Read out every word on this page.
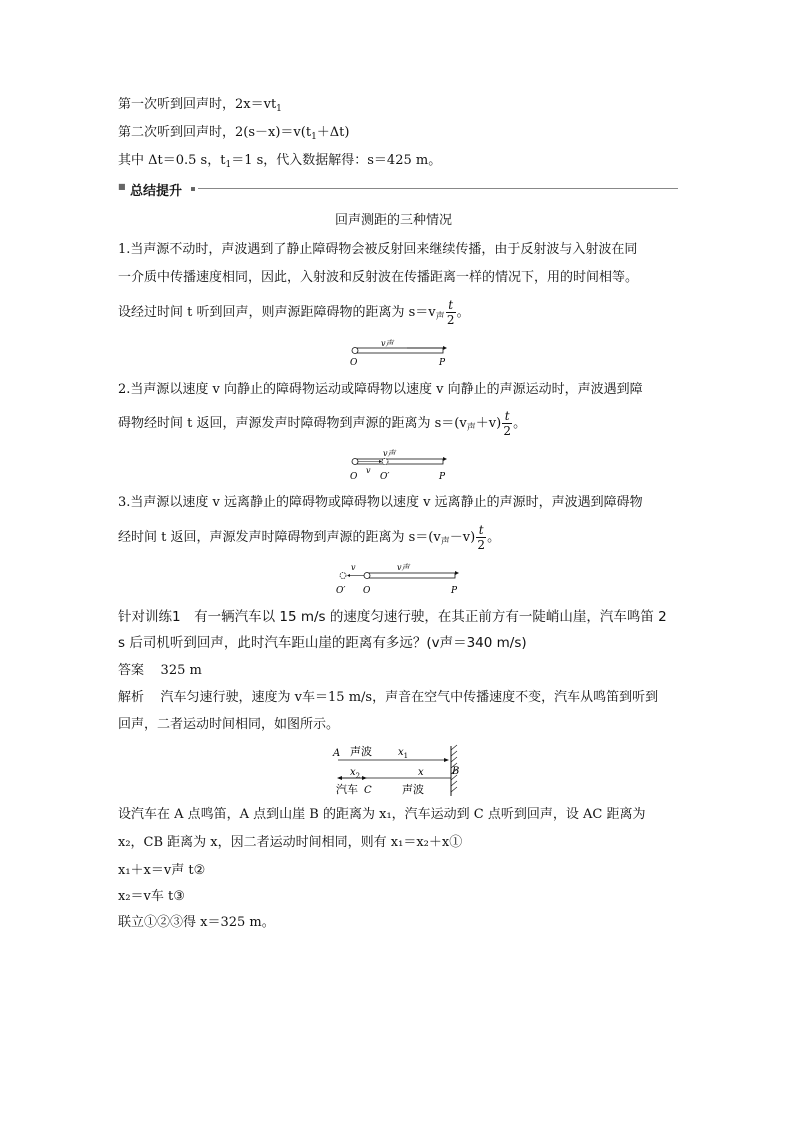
第一次听到回声时，$2x=vt_1$
第二次听到回声时，$2(s-x)=v(t_1+\Delta t)$
其中 Δt＝0.5 s，$t_1=1$ s，代入数据解得：s＝425 m。
■ 总结提升
回声测距的三种情况
1.当声源不动时，声波遇到了静止障碍物会被反射回来继续传播，由于反射波与入射波在同
一介质中传播速度相同，因此，入射波和反射波在传播距离一样的情况下，用的时间相等。
设经过时间 t 听到回声，则声源距障碍物的距离为 $s=v_声 \frac{t}{2}$ 。
v声
O	P
2.当声源以速度 v 向静止的障碍物运动或障碍物以速度 v 向静止的声源运动时，声波遇到障
碍物经时间 t 返回，声源发声时障碍物到声源的距离为 $s=(v_声+v) \frac{t}{2}$ 。
v声
v
O	O′	P
3.当声源以速度 v 远离静止的障碍物或障碍物以速度 v 远离静止的声源时，声波遇到障碍物
经时间 t 返回，声源发声时障碍物到声源的距离为 $s=(v_声-v) \frac{t}{2}$ 。
v	v声
O′ O	P
针对训练1　有一辆汽车以 15 m/s 的速度匀速行驶，在其正前方有一陡峭山崖，汽车鸣笛 2
s 后司机听到回声，此时汽车距山崖的距离有多远？(v声＝340 m/s)
答案 325 m
解析 汽车匀速行驶，速度为 v车＝15 m/s，声音在空气中传播速度不变，汽车从鸣笛到听到
回声，二者运动时间相同，如图所示。
A 声波	$x_1$
B
$x_2$	x
汽车 C	声波
设汽车在 A 点鸣笛，A 点到山崖 B 的距离为 x₁，汽车运动到 C 点听到回声，设 AC 距离为
x₂，CB 距离为 x，因二者运动时间相同，则有 x₁＝x₂＋x①
x₁＋x＝v声 t②
x₂＝v车 t③
联立①②③得 x＝325 m。
